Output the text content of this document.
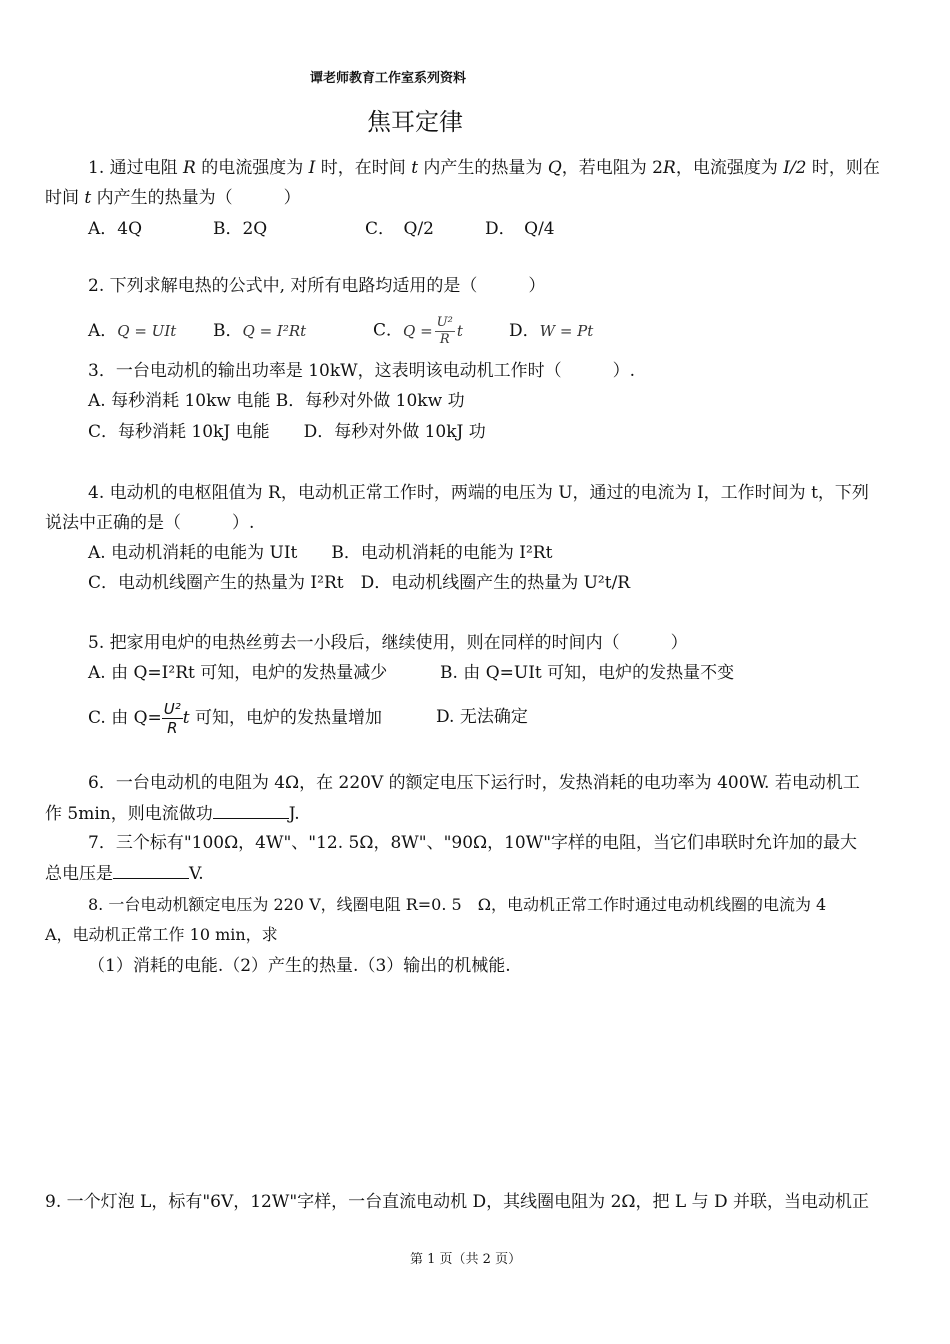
谭老师教育工作室系列资料
焦耳定律
1. 通过电阻 R 的电流强度为 I 时，在时间 t 内产生的热量为 Q，若电阻为 2R，电流强度为 I/2 时，则在
时间 t 内产生的热量为（　　　）
A．4Q	B．2Q	C．　Q/2	D．　Q/4
2. 下列求解电热的公式中, 对所有电路均适用的是（　　　）
A．Q = UIt B．Q = I²Rt	C．$Q = \frac{\text{U²}}{R}$ t	D．W = Pt
3．一台电动机的输出功率是 10kW，这表明该电动机工作时（　　　）.
A. 每秒消耗 10kw 电能 B．每秒对外做 10kw 功
C．每秒消耗 10kJ 电能　　D．每秒对外做 10kJ 功
4. 电动机的电枢阻值为 R，电动机正常工作时，两端的电压为 U，通过的电流为 I，工作时间为 t，下列
说法中正确的是（　　　）.
A. 电动机消耗的电能为 UIt　　B．电动机消耗的电能为 I²Rt
C．电动机线圈产生的热量为 I²Rt　D．电动机线圈产生的热量为 U²t/R
5. 把家用电炉的电热丝剪去一小段后，继续使用，则在同样的时间内（　　　）
A. 由 Q=I²Rt 可知，电炉的发热量减少	B. 由 Q=UIt 可知，电炉的发热量不变
C. 由 $Q= \frac{\text{U²}}{R}$ t 可知，电炉的发热量增加	D. 无法确定
6．一台电动机的电阻为 4Ω，在 220V 的额定电压下运行时，发热消耗的电功率为 400W. 若电动机工
作 5min，则电流做功	J.
7．三个标有"100Ω，4W"、"12. 5Ω，8W"、"90Ω，10W"字样的电阻，当它们串联时允许加的最大
总电压是	V.
8. 一台电动机额定电压为 220 V，线圈电阻 R=0. 5　Ω，电动机正常工作时通过电动机线圈的电流为 4
A，电动机正常工作 10 min，求
（1）消耗的电能.（2）产生的热量.（3）输出的机械能.
9. 一个灯泡 L，标有"6V，12W"字样，一台直流电动机 D，其线圈电阻为 2Ω，把 L 与 D 并联，当电动机正
第 1 页（共 2 页）
